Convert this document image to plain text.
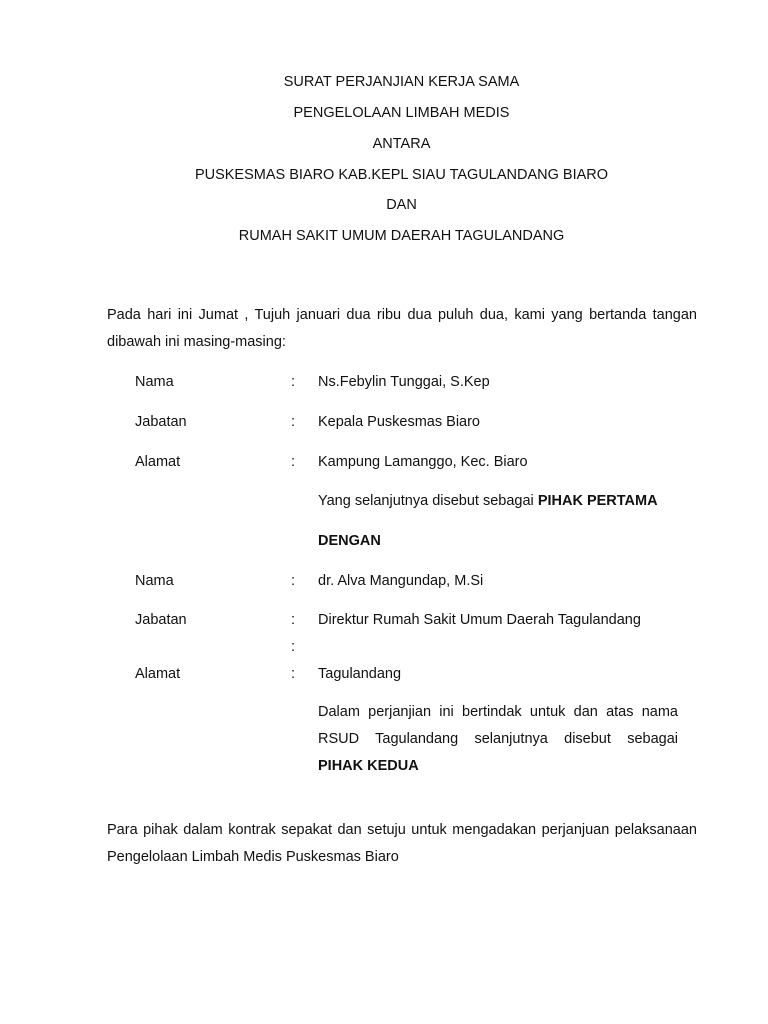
SURAT PERJANJIAN KERJA SAMA
PENGELOLAAN LIMBAH MEDIS
ANTARA
PUSKESMAS BIARO KAB.KEPL SIAU TAGULANDANG BIARO
DAN
RUMAH SAKIT UMUM DAERAH TAGULANDANG
Pada hari ini Jumat , Tujuh januari dua ribu dua puluh dua, kami yang bertanda tangan dibawah ini masing-masing:
Nama	: Ns.Febylin Tunggai, S.Kep
Jabatan	: Kepala Puskesmas Biaro
Alamat	: Kampung Lamanggo, Kec. Biaro
Yang selanjutnya disebut sebagai PIHAK PERTAMA
DENGAN
Nama	: dr. Alva Mangundap, M.Si
Jabatan	: Direktur Rumah Sakit Umum Daerah Tagulandang
:
Alamat	: Tagulandang
Dalam perjanjian ini bertindak untuk dan atas nama RSUD Tagulandang selanjutnya disebut sebagai PIHAK KEDUA
Para pihak dalam kontrak sepakat dan setuju untuk mengadakan perjanjuan pelaksanaan Pengelolaan Limbah Medis Puskesmas Biaro
